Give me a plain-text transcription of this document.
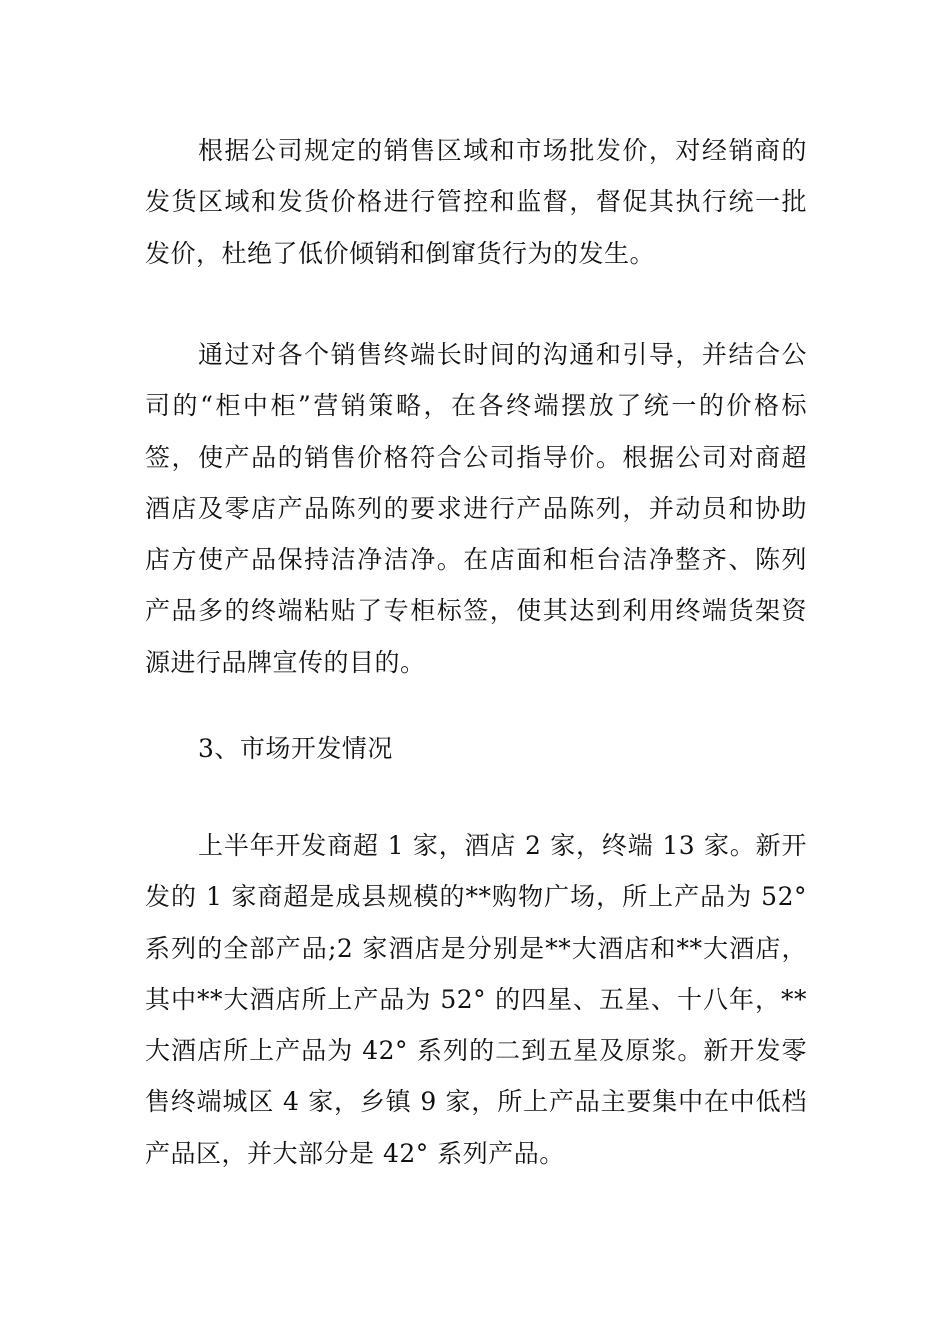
根据公司规定的销售区域和市场批发价，对经销商的发货区域和发货价格进行管控和监督，督促其执行统一批发价，杜绝了低价倾销和倒窜货行为的发生。

通过对各个销售终端长时间的沟通和引导，并结合公司的“柜中柜”营销策略，在各终端摆放了统一的价格标签，使产品的销售价格符合公司指导价。根据公司对商超酒店及零店产品陈列的要求进行产品陈列，并动员和协助店方使产品保持洁净洁净。在店面和柜台洁净整齐、陈列产品多的终端粘贴了专柜标签，使其达到利用终端货架资源进行品牌宣传的目的。

3、市场开发情况

上半年开发商超 1 家，酒店 2 家，终端 13 家。新开发的 1 家商超是成县规模的**购物广场，所上产品为 52° 系列的全部产品;2 家酒店是分别是**大酒店和**大酒店，其中**大酒店所上产品为 52° 的四星、五星、十八年，**大酒店所上产品为 42° 系列的二到五星及原浆。新开发零售终端城区 4 家，乡镇 9 家，所上产品主要集中在中低档产品区，并大部分是 42° 系列产品。
